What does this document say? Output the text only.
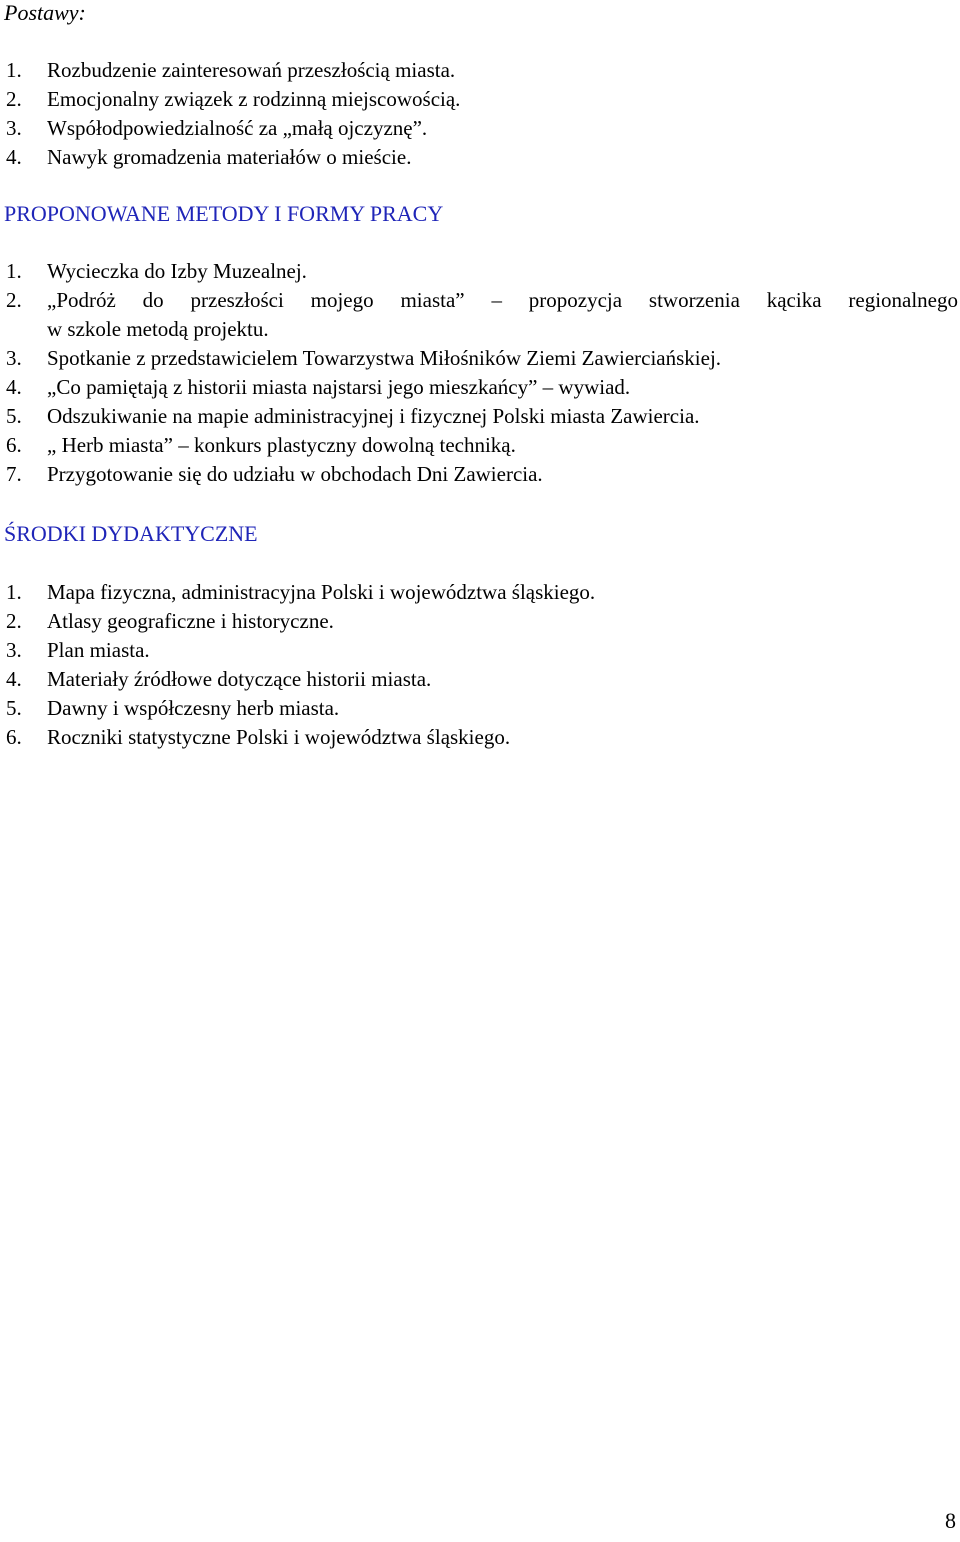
Postawy:
1. Rozbudzenie zainteresowań przeszłością miasta.
2. Emocjonalny związek z rodzinną miejscowością.
3. Współodpowiedzialność za „małą ojczyznę”.
4. Nawyk gromadzenia materiałów o mieście.
PROPONOWANE METODY I FORMY PRACY
1. Wycieczka do Izby Muzealnej.
2. „Podróż do przeszłości mojego miasta” – propozycja stworzenia kącika regionalnego
w szkole metodą projektu.
3. Spotkanie z przedstawicielem Towarzystwa Miłośników Ziemi Zawierciańskiej.
4. „Co pamiętają z historii miasta najstarsi jego mieszkańcy” – wywiad.
5. Odszukiwanie na mapie administracyjnej i fizycznej Polski miasta Zawiercia.
6. „ Herb miasta” – konkurs plastyczny dowolną techniką.
7. Przygotowanie się do udziału w obchodach Dni Zawiercia.
ŚRODKI DYDAKTYCZNE
1. Mapa fizyczna, administracyjna Polski i województwa śląskiego.
2. Atlasy geograficzne i historyczne.
3. Plan miasta.
4. Materiały źródłowe dotyczące historii miasta.
5. Dawny i współczesny herb miasta.
6. Roczniki statystyczne Polski i województwa śląskiego.
8
